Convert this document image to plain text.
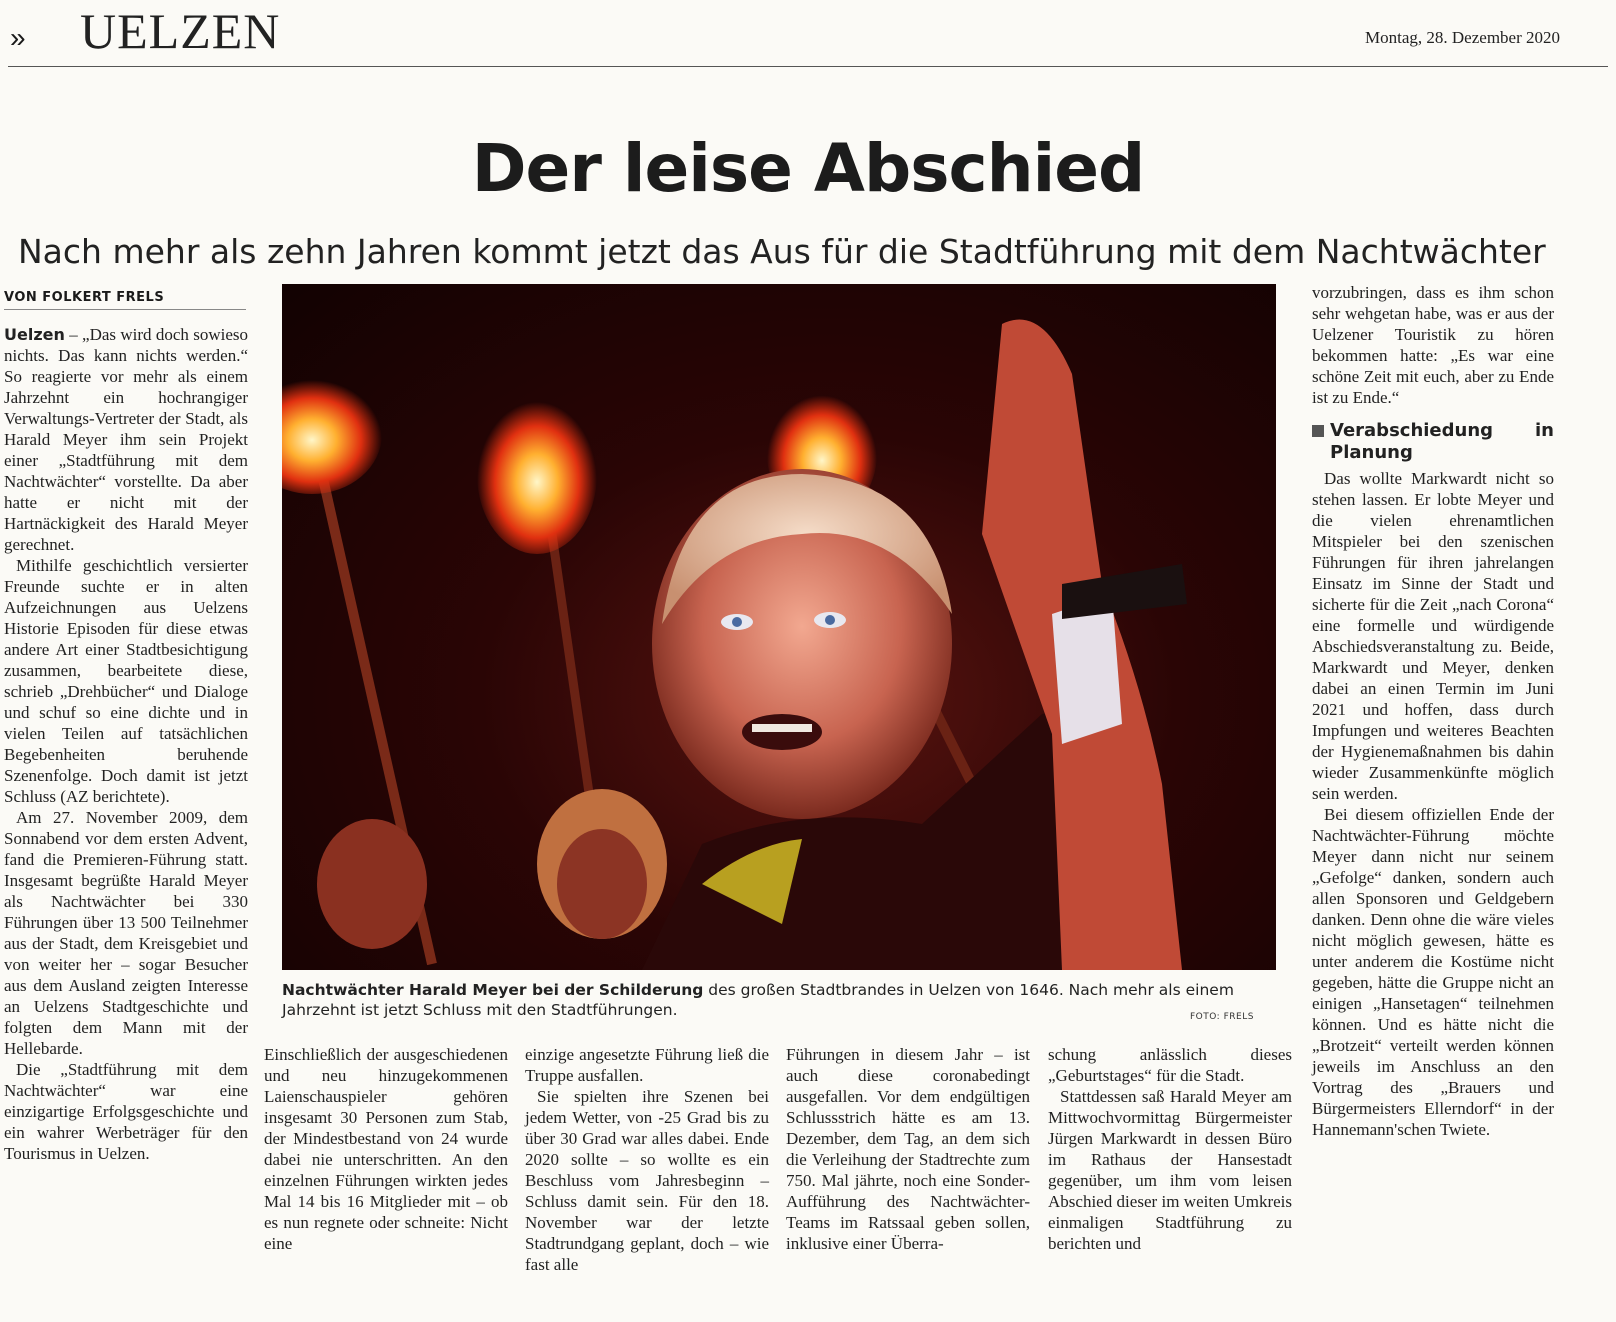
» UELZEN	Montag, 28. Dezember 2020
Der leise Abschied
Nach mehr als zehn Jahren kommt jetzt das Aus für die Stadtführung mit dem Nachtwächter
VON FOLKERT FRELS

Uelzen – „Das wird doch sowieso nichts. Das kann nichts werden.“ So reagierte vor mehr als einem Jahrzehnt ein hochrangiger Verwaltungs-Vertreter der Stadt, als Harald Meyer ihm sein Projekt einer „Stadtführung mit dem Nachtwächter“ vorstellte. Da aber hatte er nicht mit der Hartnäckigkeit des Harald Meyer gerechnet.

Mithilfe geschichtlich versierter Freunde suchte er in alten Aufzeichnungen aus Uelzens Historie Episoden für diese etwas andere Art einer Stadtbesichtigung zusammen, bearbeitete diese, schrieb „Drehbücher“ und Dialoge und schuf so eine dichte und in vielen Teilen auf tatsächlichen Begebenheiten beruhende Szenenfolge. Doch damit ist jetzt Schluss (AZ berichtete).

Am 27. November 2009, dem Sonnabend vor dem ersten Advent, fand die Premieren-Führung statt. Insgesamt begrüßte Harald Meyer als Nachtwächter bei 330 Führungen über 13 500 Teilnehmer aus der Stadt, dem Kreisgebiet und von weiter her – sogar Besucher aus dem Ausland zeigten Interesse an Uelzens Stadtgeschichte und folgten dem Mann mit der Hellebarde.

Die „Stadtführung mit dem Nachtwächter“ war eine einzigartige Erfolgsgeschichte und ein wahrer Werbeträger für den Tourismus in Uelzen.

Nachtwächter Harald Meyer bei der Schilderung des großen Stadtbrandes in Uelzen von 1646. Nach mehr als einem Jahrzehnt ist jetzt Schluss mit den Stadtführungen.	FOTO: FRELS

Einschließlich der ausgeschiedenen und neu hinzugekommenen Laienschauspieler gehören insgesamt 30 Personen zum Stab, der Mindestbestand von 24 wurde dabei nie unterschritten. An den einzelnen Führungen wirkten jedes Mal 14 bis 16 Mitglieder mit – ob es nun regnete oder schneite: Nicht eine

einzige angesetzte Führung ließ die Truppe ausfallen.

Sie spielten ihre Szenen bei jedem Wetter, von -25 Grad bis zu über 30 Grad war alles dabei. Ende 2020 sollte – so wollte es ein Beschluss vom Jahresbeginn – Schluss damit sein. Für den 18. November war der letzte Stadtrundgang geplant, doch – wie fast alle

Führungen in diesem Jahr – ist auch diese coronabedingt ausgefallen. Vor dem endgültigen Schlussstrich hätte es am 13. Dezember, dem Tag, an dem sich die Verleihung der Stadtrechte zum 750. Mal jährte, noch eine Sonder-Aufführung des Nachtwächter-Teams im Ratssaal geben sollen, inklusive einer Überra-

schung anlässlich dieses „Geburtstages“ für die Stadt.

Stattdessen saß Harald Meyer am Mittwochvormittag Bürgermeister Jürgen Markwardt in dessen Büro im Rathaus der Hansestadt gegenüber, um ihm vom leisen Abschied dieser im weiten Umkreis einmaligen Stadtführung zu berichten und

vorzubringen, dass es ihm schon sehr wehgetan habe, was er aus der Uelzener Touristik zu hören bekommen hatte: „Es war eine schöne Zeit mit euch, aber zu Ende ist zu Ende.“

Verabschiedung in Planung

Das wollte Markwardt nicht so stehen lassen. Er lobte Meyer und die vielen ehrenamtlichen Mitspieler bei den szenischen Führungen für ihren jahrelangen Einsatz im Sinne der Stadt und sicherte für die Zeit „nach Corona“ eine formelle und würdigende Abschiedsveranstaltung zu. Beide, Markwardt und Meyer, denken dabei an einen Termin im Juni 2021 und hoffen, dass durch Impfungen und weiteres Beachten der Hygienemaßnahmen bis dahin wieder Zusammenkünfte möglich sein werden.

Bei diesem offiziellen Ende der Nachtwächter-Führung möchte Meyer dann nicht nur seinem „Gefolge“ danken, sondern auch allen Sponsoren und Geldgebern danken. Denn ohne die wäre vieles nicht möglich gewesen, hätte es unter anderem die Kostüme nicht gegeben, hätte die Gruppe nicht an einigen „Hansetagen“ teilnehmen können. Und es hätte nicht die „Brotzeit“ verteilt werden können jeweils im Anschluss an den Vortrag des „Brauers und Bürgermeisters Ellerndorf“ in der Hannemann'schen Twiete.
